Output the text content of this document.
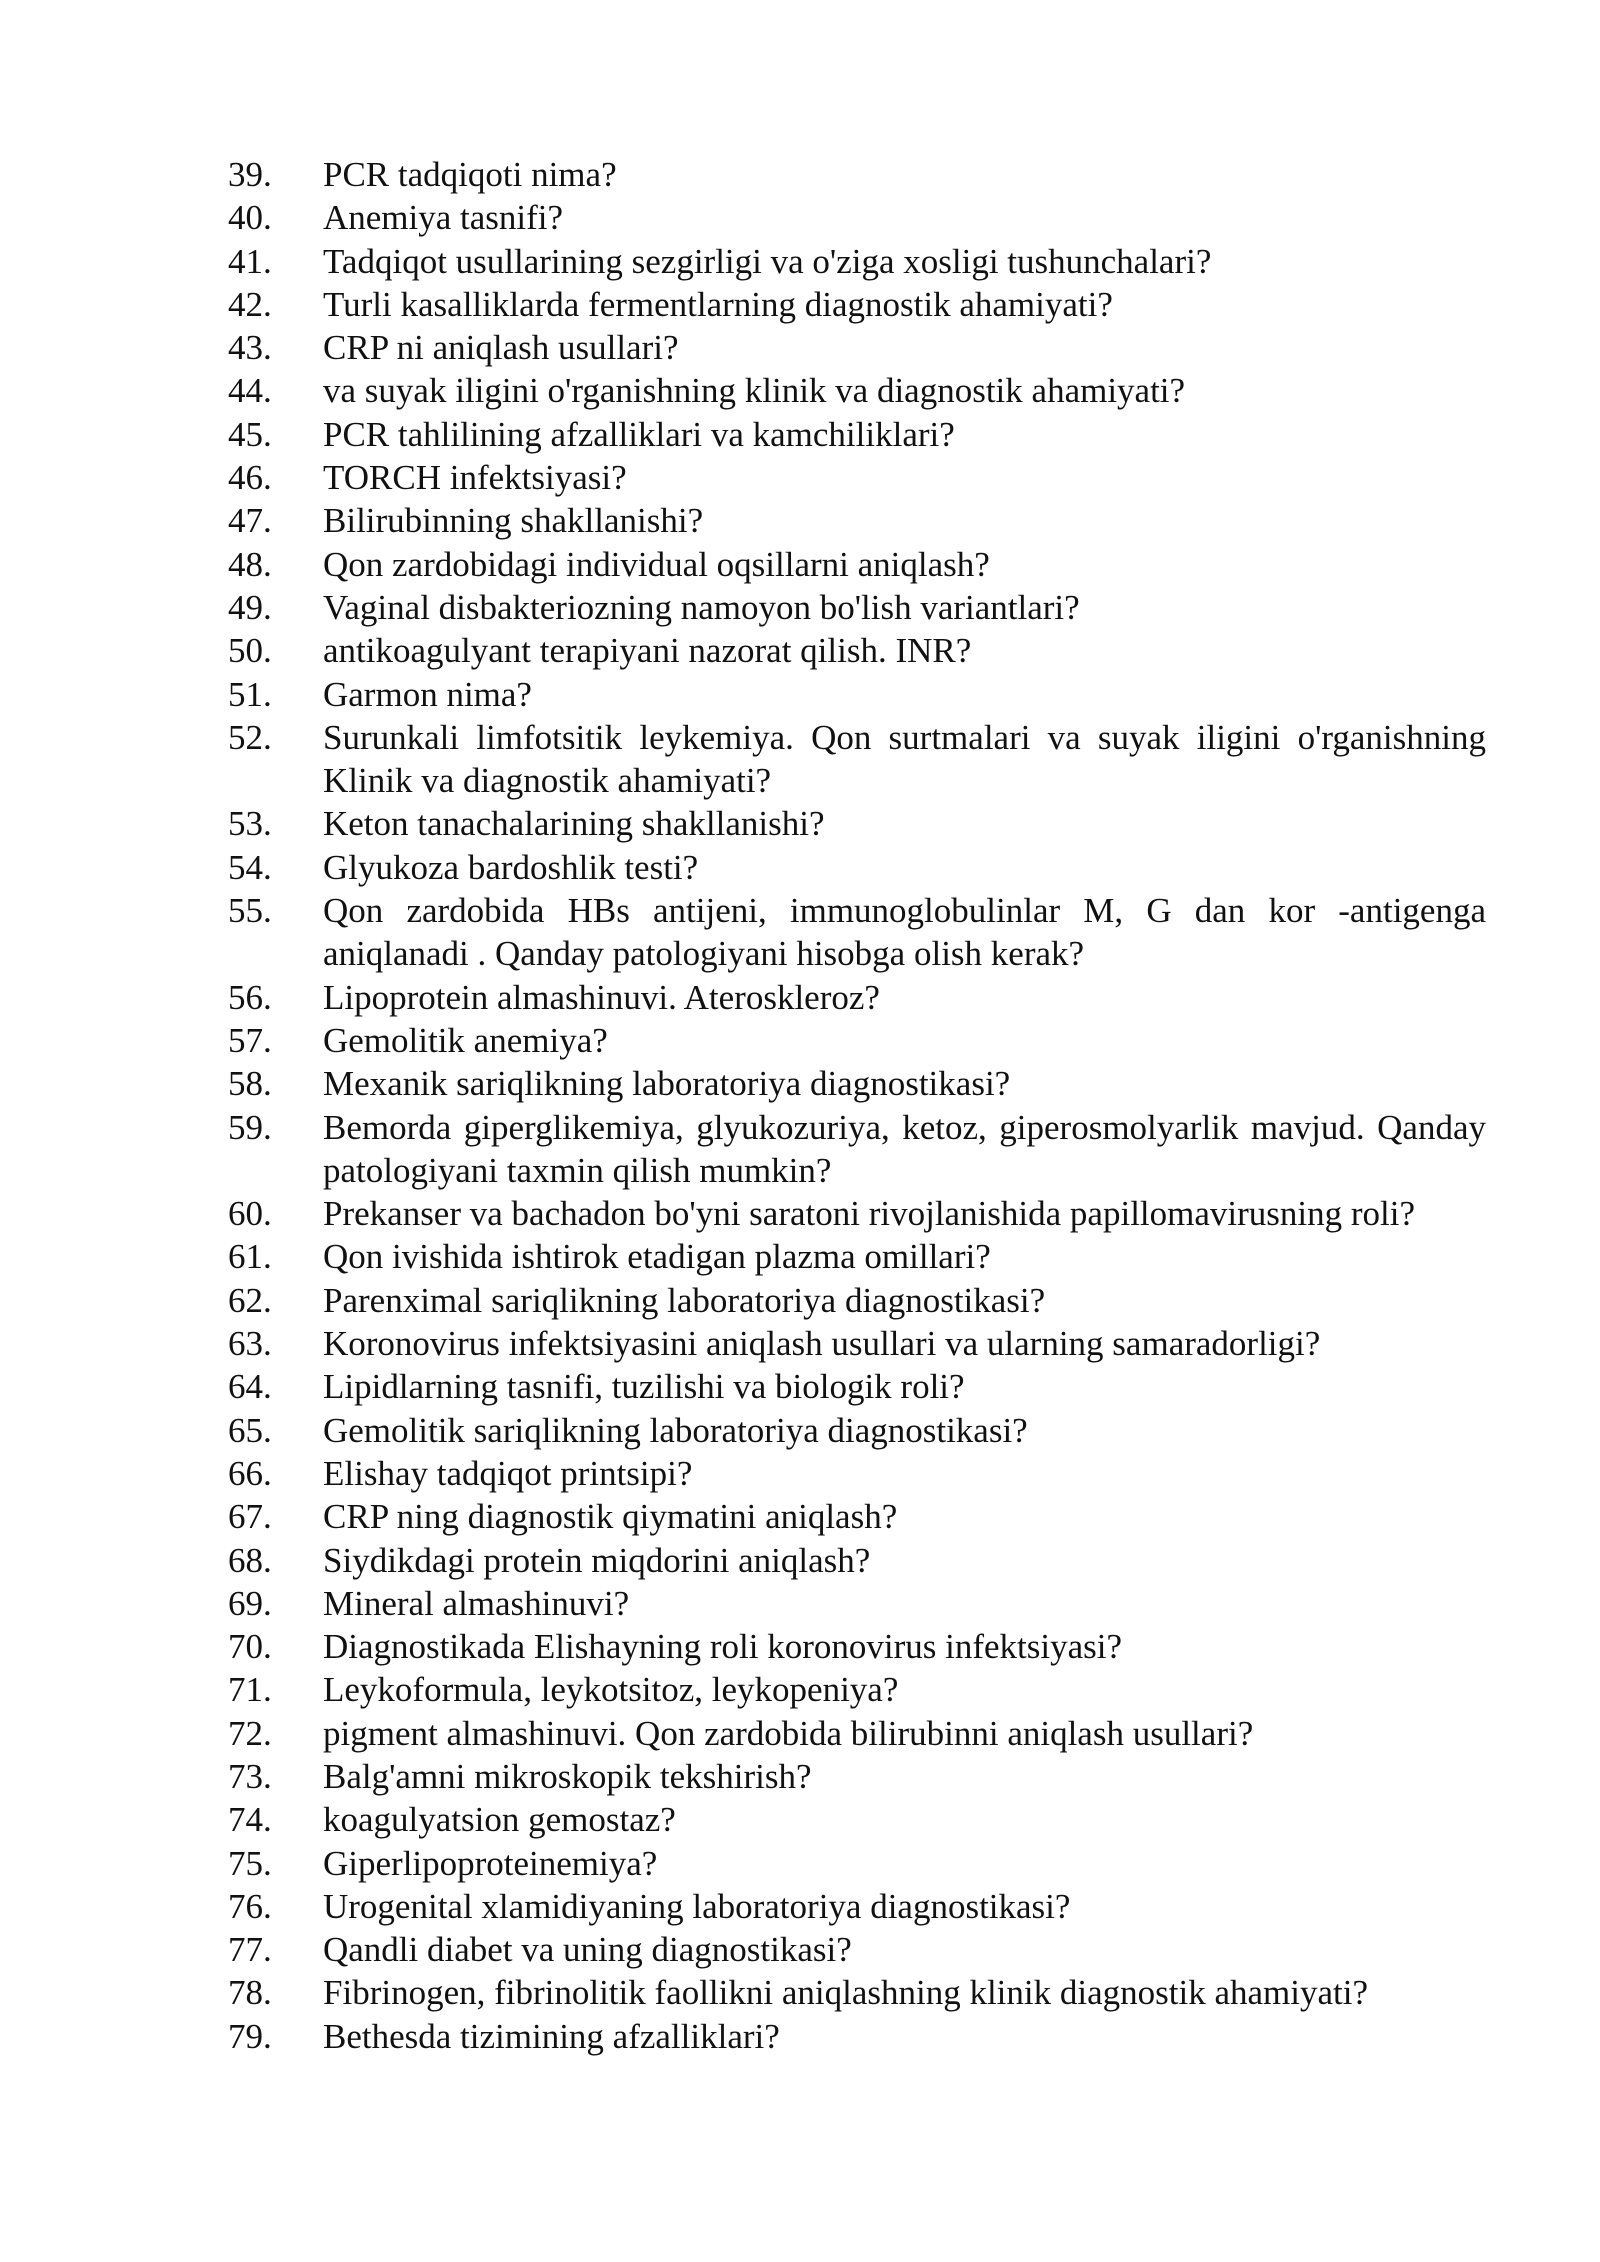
39.	PCR tadqiqoti nima?
40.	Anemiya tasnifi?
41.	Tadqiqot usullarining sezgirligi va o'ziga xosligi tushunchalari?
42.	Turli kasalliklarda fermentlarning diagnostik ahamiyati?
43.	CRP ni aniqlash usullari?
44.	va suyak iligini o'rganishning klinik va diagnostik ahamiyati?
45.	PCR tahlilining afzalliklari va kamchiliklari?
46.	TORCH infektsiyasi?
47.	Bilirubinning shakllanishi?
48.	Qon zardobidagi individual oqsillarni aniqlash?
49.	Vaginal disbakteriozning namoyon bo'lish variantlari?
50.	antikoagulyant terapiyani nazorat qilish. INR?
51.	Garmon nima?
52.	Surunkali limfotsitik leykemiya. Qon surtmalari va suyak iligini o'rganishning Klinik va diagnostik ahamiyati?
53.	Keton tanachalarining shakllanishi?
54.	Glyukoza bardoshlik testi?
55.	Qon zardobida HBs antijeni, immunoglobulinlar M, G dan kor -antigenga aniqlanadi . Qanday patologiyani hisobga olish kerak?
56.	Lipoprotein almashinuvi. Ateroskleroz?
57.	Gemolitik anemiya?
58.	Mexanik sariqlikning laboratoriya diagnostikasi?
59.	Bemorda giperglikemiya, glyukozuriya, ketoz, giperosmolyarlik mavjud. Qanday patologiyani taxmin qilish mumkin?
60.	Prekanser va bachadon bo'yni saratoni rivojlanishida papillomavirusning roli?
61.	Qon ivishida ishtirok etadigan plazma omillari?
62.	Parenximal sariqlikning laboratoriya diagnostikasi?
63.	Koronovirus infektsiyasini aniqlash usullari va ularning samaradorligi?
64.	Lipidlarning tasnifi, tuzilishi va biologik roli?
65.	Gemolitik sariqlikning laboratoriya diagnostikasi?
66.	Elishay tadqiqot printsipi?
67.	CRP ning diagnostik qiymatini aniqlash?
68.	Siydikdagi protein miqdorini aniqlash?
69.	Mineral almashinuvi?
70.	Diagnostikada Elishayning roli koronovirus infektsiyasi?
71.	Leykoformula, leykotsitoz, leykopeniya?
72.	pigment almashinuvi. Qon zardobida bilirubinni aniqlash usullari?
73.	Balg'amni mikroskopik tekshirish?
74.	koagulyatsion gemostaz?
75.	Giperlipoproteinemiya?
76.	Urogenital xlamidiyaning laboratoriya diagnostikasi?
77.	Qandli diabet va uning diagnostikasi?
78.	Fibrinogen, fibrinolitik faollikni aniqlashning klinik diagnostik ahamiyati?
79.	Bethesda tizimining afzalliklari?
